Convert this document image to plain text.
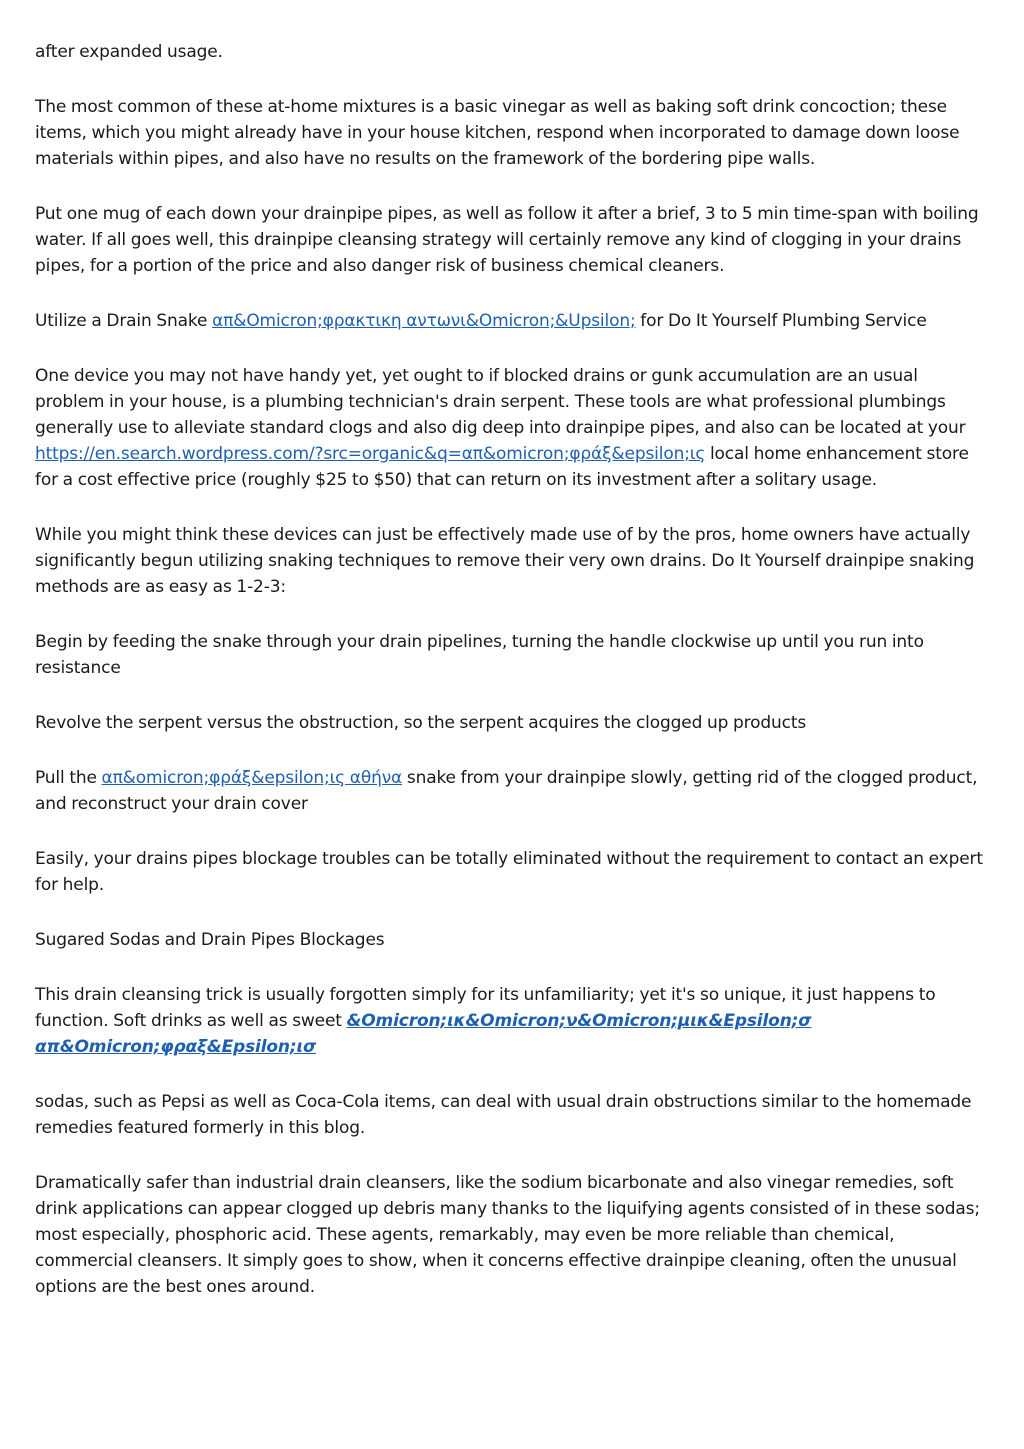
after expanded usage.

The most common of these at-home mixtures is a basic vinegar as well as baking soft drink concoction; these items, which you might already have in your house kitchen, respond when incorporated to damage down loose materials within pipes, and also have no results on the framework of the bordering pipe walls.

Put one mug of each down your drainpipe pipes, as well as follow it after a brief, 3 to 5 min time-span with boiling water. If all goes well, this drainpipe cleansing strategy will certainly remove any kind of clogging in your drains pipes, for a portion of the price and also danger risk of business chemical cleaners.

Utilize a Drain Snake απ&Omicron;φρακτικη αντωνι&Omicron;&Upsilon; for Do It Yourself Plumbing Service

One device you may not have handy yet, yet ought to if blocked drains or gunk accumulation are an usual problem in your house, is a plumbing technician's drain serpent. These tools are what professional plumbings generally use to alleviate standard clogs and also dig deep into drainpipe pipes, and also can be located at your https://en.search.wordpress.com/?src=organic&q=απ&omicron;φράξ&epsilon;ις local home enhancement store for a cost effective price (roughly $25 to $50) that can return on its investment after a solitary usage.

While you might think these devices can just be effectively made use of by the pros, home owners have actually significantly begun utilizing snaking techniques to remove their very own drains. Do It Yourself drainpipe snaking methods are as easy as 1-2-3:

Begin by feeding the snake through your drain pipelines, turning the handle clockwise up until you run into resistance

Revolve the serpent versus the obstruction, so the serpent acquires the clogged up products

Pull the απ&omicron;φράξ&epsilon;ις αθήνα snake from your drainpipe slowly, getting rid of the clogged product, and reconstruct your drain cover

Easily, your drains pipes blockage troubles can be totally eliminated without the requirement to contact an expert for help.

Sugared Sodas and Drain Pipes Blockages

This drain cleansing trick is usually forgotten simply for its unfamiliarity; yet it's so unique, it just happens to function. Soft drinks as well as sweet &Omicron;ικ&Omicron;ν&Omicron;μικ&Epsilon;σ απ&Omicron;φραξ&Epsilon;ισ

sodas, such as Pepsi as well as Coca-Cola items, can deal with usual drain obstructions similar to the homemade remedies featured formerly in this blog.

Dramatically safer than industrial drain cleansers, like the sodium bicarbonate and also vinegar remedies, soft drink applications can appear clogged up debris many thanks to the liquifying agents consisted of in these sodas; most especially, phosphoric acid. These agents, remarkably, may even be more reliable than chemical, commercial cleansers. It simply goes to show, when it concerns effective drainpipe cleaning, often the unusual options are the best ones around.
